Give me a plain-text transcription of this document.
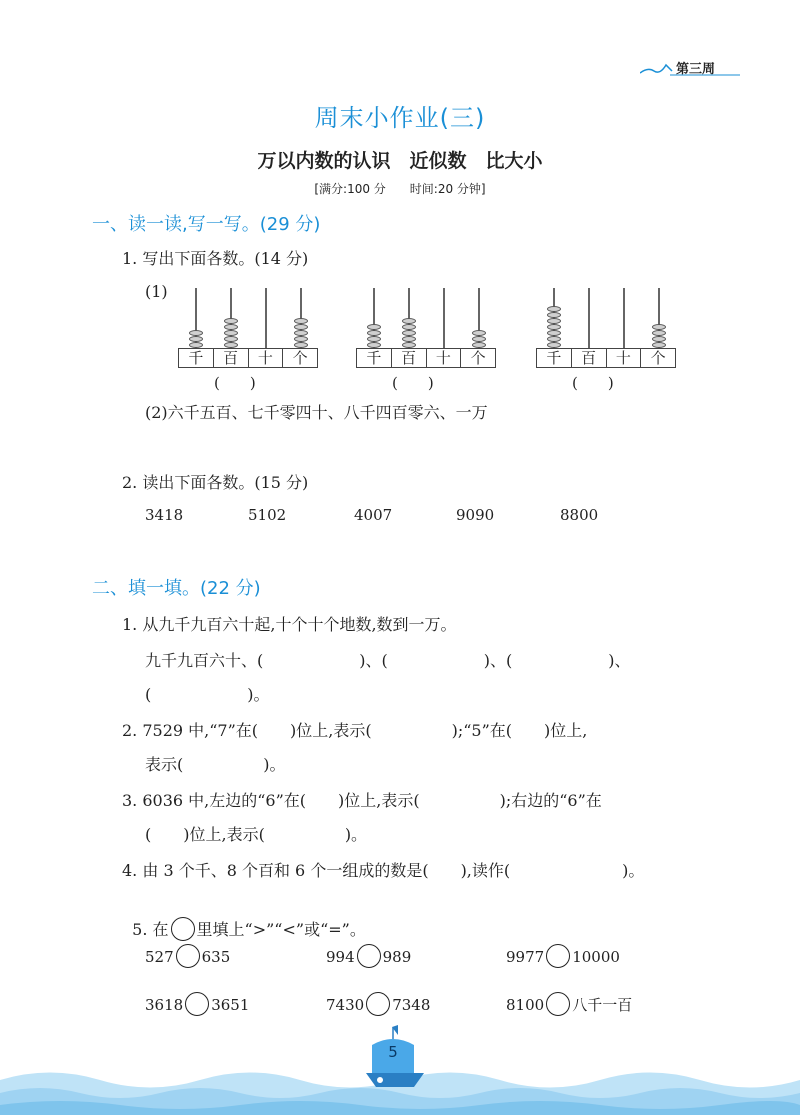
第三周
周末小作业(三)
万以内数的认识　近似数　比大小
[满分:100 分　　时间:20 分钟]
一、读一读,写一写。(29 分)
1. 写出下面各数。(14 分)
(1)
千	百	十	个	千	百	十	个	千	百	十	个
(　　)	(　　)	(　　)
(2)六千五百、七千零四十、八千四百零六、一万
2. 读出下面各数。(15 分)
3418	5102	4007	9090	8800
二、填一填。(22 分)
1. 从九千九百六十起,十个十个地数,数到一万。
九千九百六十、(　　　　　　)、(　　　　　　)、(　　　　　　)、
(　　　　　　)。
2. 7529 中,“7”在(　　)位上,表示(　　　　　);“5”在(　　)位上,
表示(　　　　　)。
3. 6036 中,左边的“6”在(　　)位上,表示(　　　　　);右边的“6”在
(　　)位上,表示(　　　　　)。
4. 由 3 个千、8 个百和 6 个一组成的数是(　　),读作(　　　　　　　)。

5. 在 里填上“>”“<”或“=”。

527 635	994 989	9977 10000
3618 3651	7430 7348	8100 八千一百
5
